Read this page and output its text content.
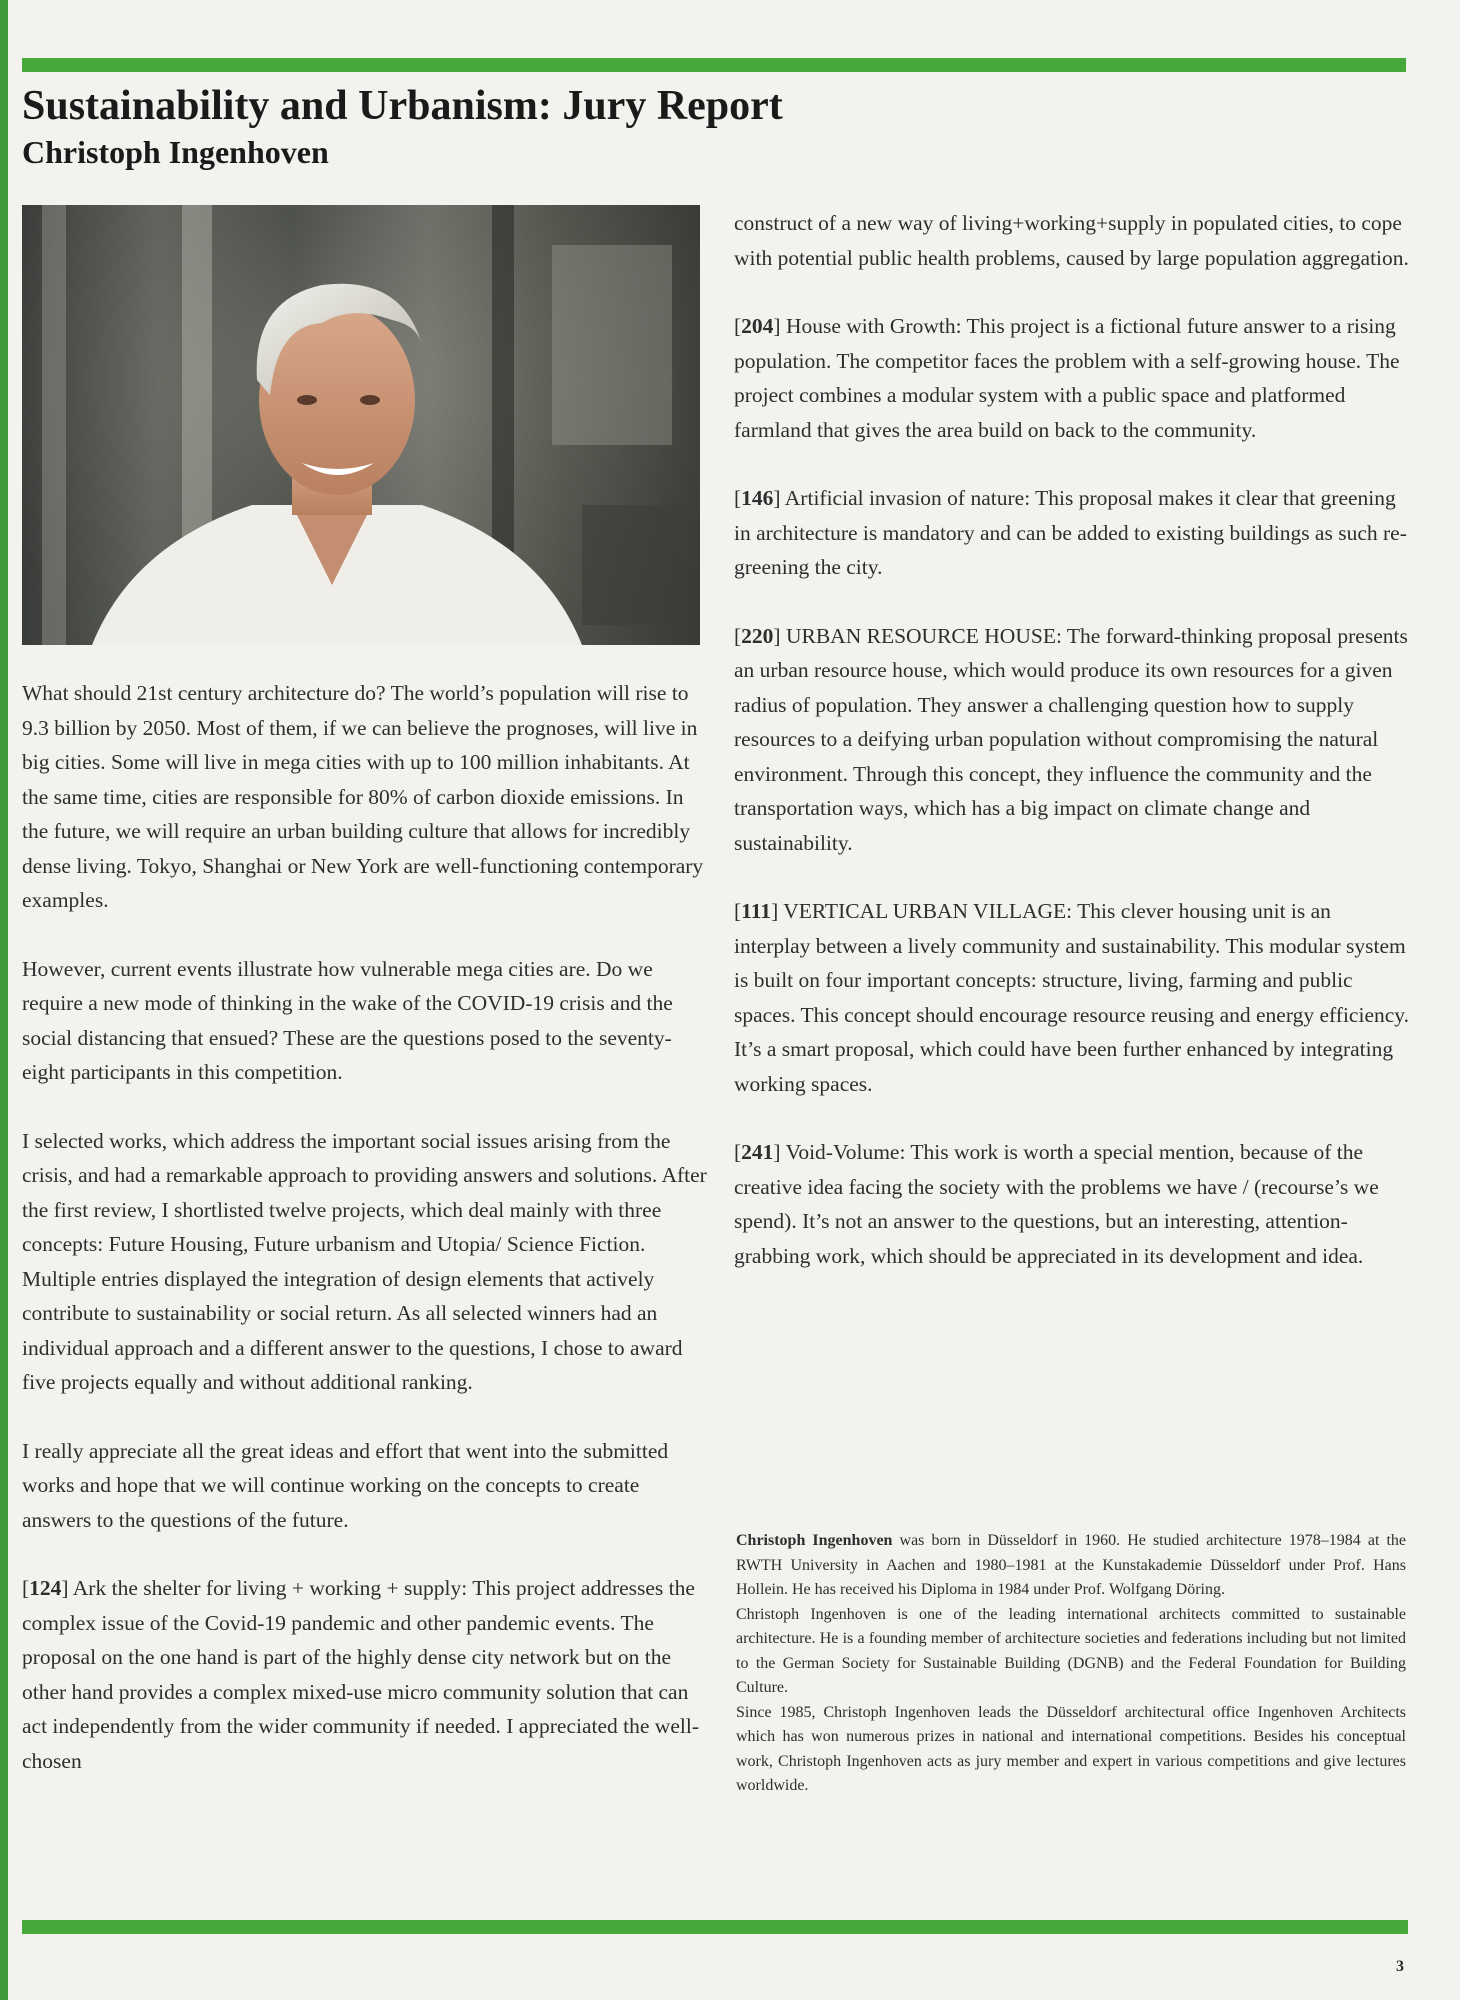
Sustainability and Urbanism: Jury Report
Christoph Ingenhoven

What should 21st century architecture do? The world’s population will rise to 9.3 billion by 2050. Most of them, if we can believe the prognoses, will live in big cities. Some will live in mega cities with up to 100 million inhabitants. At the same time, cities are responsible for 80% of carbon dioxide emissions. In the future, we will require an urban building culture that allows for incredibly dense living. Tokyo, Shanghai or New York are well-functioning contemporary examples.

However, current events illustrate how vulnerable mega cities are. Do we require a new mode of thinking in the wake of the COVID-19 crisis and the social distancing that ensued? These are the questions posed to the seventy-eight participants in this competition.

I selected works, which address the important social issues arising from the crisis, and had a remarkable approach to providing answers and solutions. After the first review, I shortlisted twelve projects, which deal mainly with three concepts: Future Housing, Future urbanism and Utopia/ Science Fiction. Multiple entries displayed the integration of design elements that actively contribute to sustainability or social return. As all selected winners had an individual approach and a different answer to the questions, I chose to award five projects equally and without additional ranking.

I really appreciate all the great ideas and effort that went into the submitted works and hope that we will continue working on the concepts to create answers to the questions of the future.

[124] Ark the shelter for living + working + supply: This project addresses the complex issue of the Covid-19 pandemic and other pandemic events. The proposal on the one hand is part of the highly dense city network but on the other hand provides a complex mixed-use micro community solution that can act independently from the wider community if needed. I appreciated the well-chosen

construct of a new way of living+working+supply in populated cities, to cope with potential public health problems, caused by large population aggregation.

[204] House with Growth: This project is a fictional future answer to a rising population. The competitor faces the problem with a self-growing house. The project combines a modular system with a public space and platformed farmland that gives the area build on back to the community.

[146] Artificial invasion of nature: This proposal makes it clear that greening in architecture is mandatory and can be added to existing buildings as such re-greening the city.

[220] URBAN RESOURCE HOUSE: The forward-thinking proposal presents an urban resource house, which would produce its own resources for a given radius of population. They answer a challenging question how to supply resources to a deifying urban population without compromising the natural environment. Through this concept, they influence the community and the transportation ways, which has a big impact on climate change and sustainability.

[111] VERTICAL URBAN VILLAGE: This clever housing unit is an interplay between a lively community and sustainability. This modular system is built on four important concepts: structure, living, farming and public spaces. This concept should encourage resource reusing and energy efficiency. It’s a smart proposal, which could have been further enhanced by integrating working spaces.

[241] Void-Volume: This work is worth a special mention, because of the creative idea facing the society with the problems we have / (recourse’s we spend). It’s not an answer to the questions, but an interesting, attention-grabbing work, which should be appreciated in its development and idea.

Christoph Ingenhoven was born in Düsseldorf in 1960. He studied architecture 1978–1984 at the RWTH University in Aachen and 1980–1981 at the Kunstakademie Düsseldorf under Prof. Hans Hollein. He has received his Diploma in 1984 under Prof. Wolfgang Döring.

Christoph Ingenhoven is one of the leading international architects committed to sustainable architecture. He is a founding member of architecture societies and federations including but not limited to the German Society for Sustainable Building (DGNB) and the Federal Foundation for Building Culture.

Since 1985, Christoph Ingenhoven leads the Düsseldorf architectural office Ingenhoven Architects which has won numerous prizes in national and international competitions. Besides his conceptual work, Christoph Ingenhoven acts as jury member and expert in various competitions and give lectures worldwide.

3
